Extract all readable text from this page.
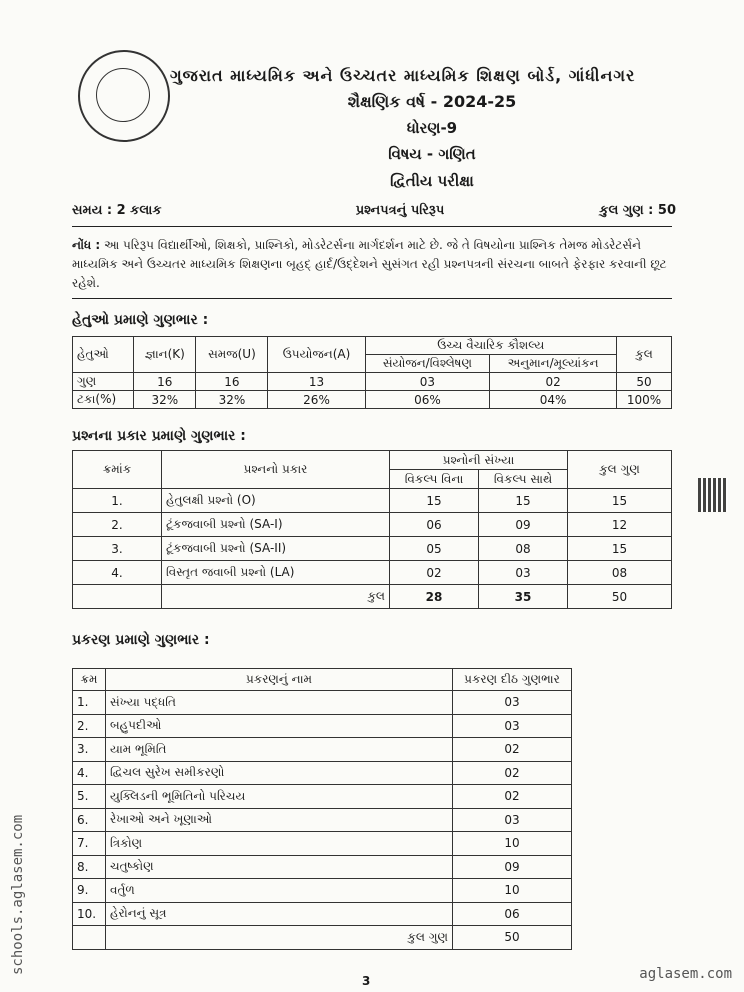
ગુજરાત માધ્યમિક અને ઉચ્ચતર માધ્યમિક શિક્ષણ બોર્ડ, ગાંધીનગર
શૈક્ષણિક વર્ષ - 2024-25
ધોરણ-9
વિષય - ગણિત
દ્વિતીય પરીક્ષા
સમય : 2 કલાક	પ્રશ્નપત્રનું પરિરૂપ	કુલ ગુણ : 50
નોંધ : આ પરિરૂપ વિદ્યાર્થીઓ, શિક્ષકો, પ્રાશ્નિકો, મોડરેટર્સના માર્ગદર્શન માટે છે. જે તે વિષયોના પ્રાશ્નિક તેમજ મોડરેટર્સને માધ્યમિક અને ઉચ્ચતર માધ્યમિક શિક્ષણના બૃહદ્ હાર્દ/ઉદ્દેશને સુસંગત રહી પ્રશ્નપત્રની સંરચના બાબતે ફેરફાર કરવાની છૂટ રહેશે.
હેતુઓ પ્રમાણે ગુણભાર :
હેતુઓ	જ્ઞાન(K)	સમજ(U)	ઉપયોજન(A)	ઉચ્ચ વૈચારિક કૌશલ્ય		કુલ
				સંયોજન/વિશ્લેષણ	અનુમાન/મૂલ્યાંકન	
ગુણ	16	16	13	03	02	50
ટકા(%)	32%	32%	26%	06%	04%	100%
પ્રશ્નના પ્રકાર પ્રમાણે ગુણભાર :
ક્રમાંક	પ્રશ્નનો પ્રકાર	પ્રશ્નોની સંખ્યા		કુલ ગુણ
		વિકલ્પ વિના	વિકલ્પ સાથે	
1.	હેતુલક્ષી પ્રશ્નો (O)	15	15	15
2.	ટૂંકજવાબી પ્રશ્નો (SA-I)	06	09	12
3.	ટૂંકજવાબી પ્રશ્નો (SA-II)	05	08	15
4.	વિસ્તૃત જવાબી પ્રશ્નો (LA)	02	03	08
	કુલ	28	35	50
પ્રકરણ પ્રમાણે ગુણભાર :
ક્રમ	પ્રકરણનું નામ	પ્રકરણ દીઠ ગુણભાર
1.	સંખ્યા પદ્ધતિ	03
2.	બહુપદીઓ	03
3.	યામ ભૂમિતિ	02
4.	દ્વિચલ સુરેખ સમીકરણો	02
5.	યુક્લિડની ભૂમિતિનો પરિચય	02
6.	રેખાઓ અને ખૂણાઓ	03
7.	ત્રિકોણ	10
8.	ચતુષ્કોણ	09
9.	વર્તુળ	10
10.	હેરોનનું સૂત્ર	06
	કુલ ગુણ	50
3	aglasem.com
schools.aglasem.com
